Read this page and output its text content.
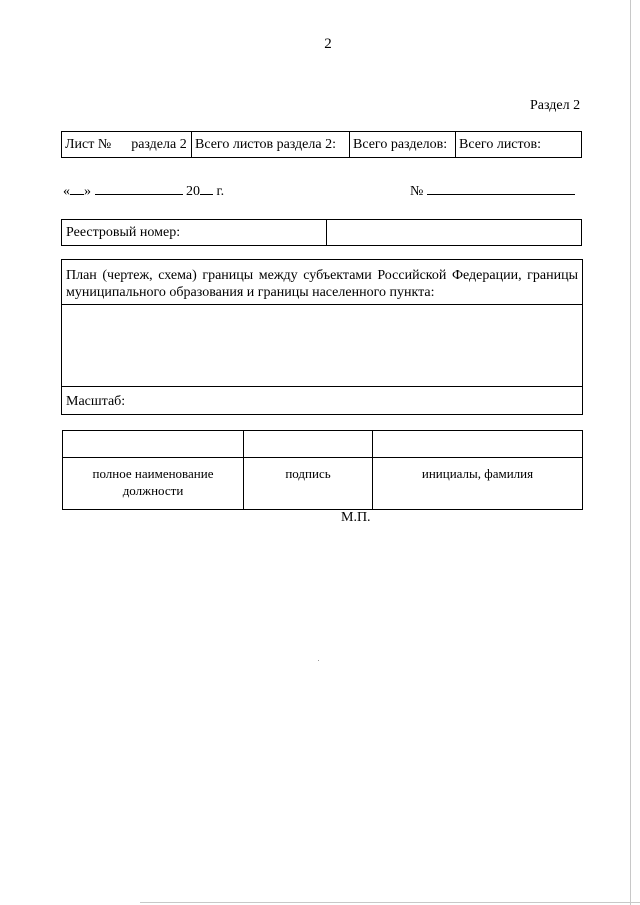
2
Раздел 2
Лист № раздела 2	Всего листов раздела 2:	Всего разделов:	Всего листов:
« »	20 г.	№
Реестровый номер:	
План (чертеж, схема) границы между субъектами Российской Федерации, границы муниципального образования и границы населенного пункта:
Масштаб:

полное наименование должности	подпись	инициалы, фамилия
М.П.
